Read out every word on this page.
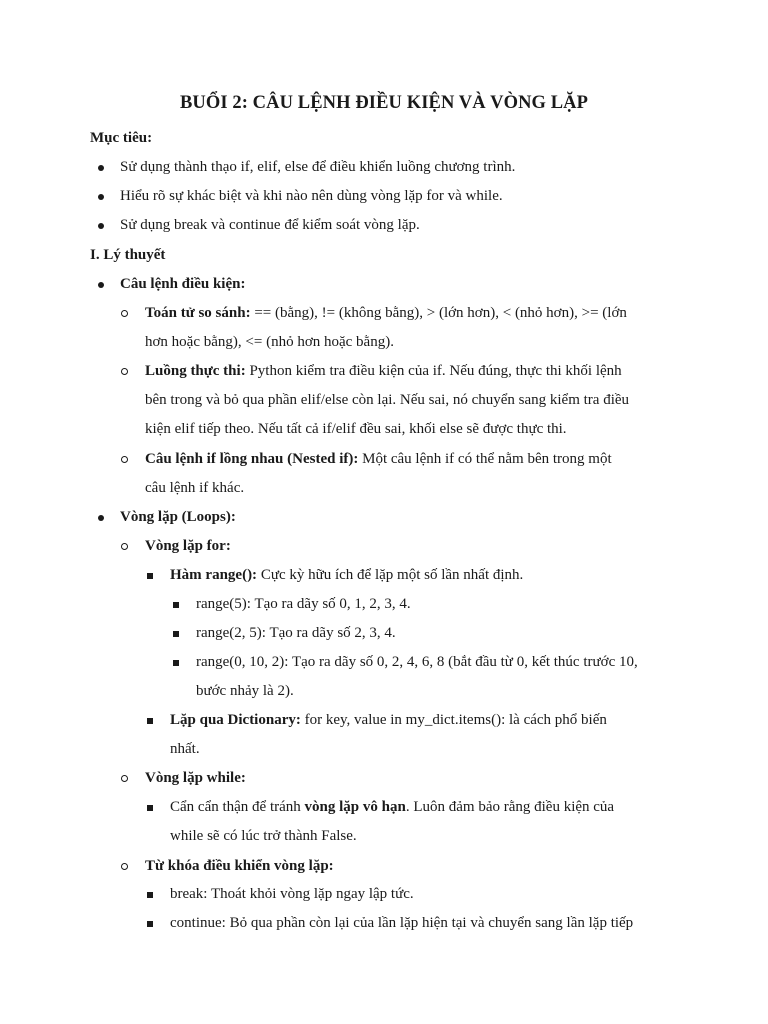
BUỔI 2: CÂU LỆNH ĐIỀU KIỆN VÀ VÒNG LẶP
Mục tiêu:
Sử dụng thành thạo if, elif, else để điều khiển luồng chương trình.
Hiểu rõ sự khác biệt và khi nào nên dùng vòng lặp for và while.
Sử dụng break và continue để kiểm soát vòng lặp.
I. Lý thuyết
Câu lệnh điều kiện:
Toán tử so sánh: == (bằng), != (không bằng), > (lớn hơn), < (nhỏ hơn), >= (lớn
hơn hoặc bằng), <= (nhỏ hơn hoặc bằng).
Luồng thực thi: Python kiểm tra điều kiện của if. Nếu đúng, thực thi khối lệnh
bên trong và bỏ qua phần elif/else còn lại. Nếu sai, nó chuyển sang kiểm tra điều
kiện elif tiếp theo. Nếu tất cả if/elif đều sai, khối else sẽ được thực thi.
Câu lệnh if lồng nhau (Nested if): Một câu lệnh if có thể nằm bên trong một
câu lệnh if khác.
Vòng lặp (Loops):
Vòng lặp for:
Hàm range(): Cực kỳ hữu ích để lặp một số lần nhất định.
range(5): Tạo ra dãy số 0, 1, 2, 3, 4.
range(2, 5): Tạo ra dãy số 2, 3, 4.
range(0, 10, 2): Tạo ra dãy số 0, 2, 4, 6, 8 (bắt đầu từ 0, kết thúc trước 10,
bước nhảy là 2).
Lặp qua Dictionary: for key, value in my_dict.items(): là cách phổ biến
nhất.
Vòng lặp while:
Cẩn cẩn thận để tránh vòng lặp vô hạn. Luôn đảm bảo rằng điều kiện của
while sẽ có lúc trở thành False.
Từ khóa điều khiển vòng lặp:
break: Thoát khỏi vòng lặp ngay lập tức.
continue: Bỏ qua phần còn lại của lần lặp hiện tại và chuyển sang lần lặp tiếp
